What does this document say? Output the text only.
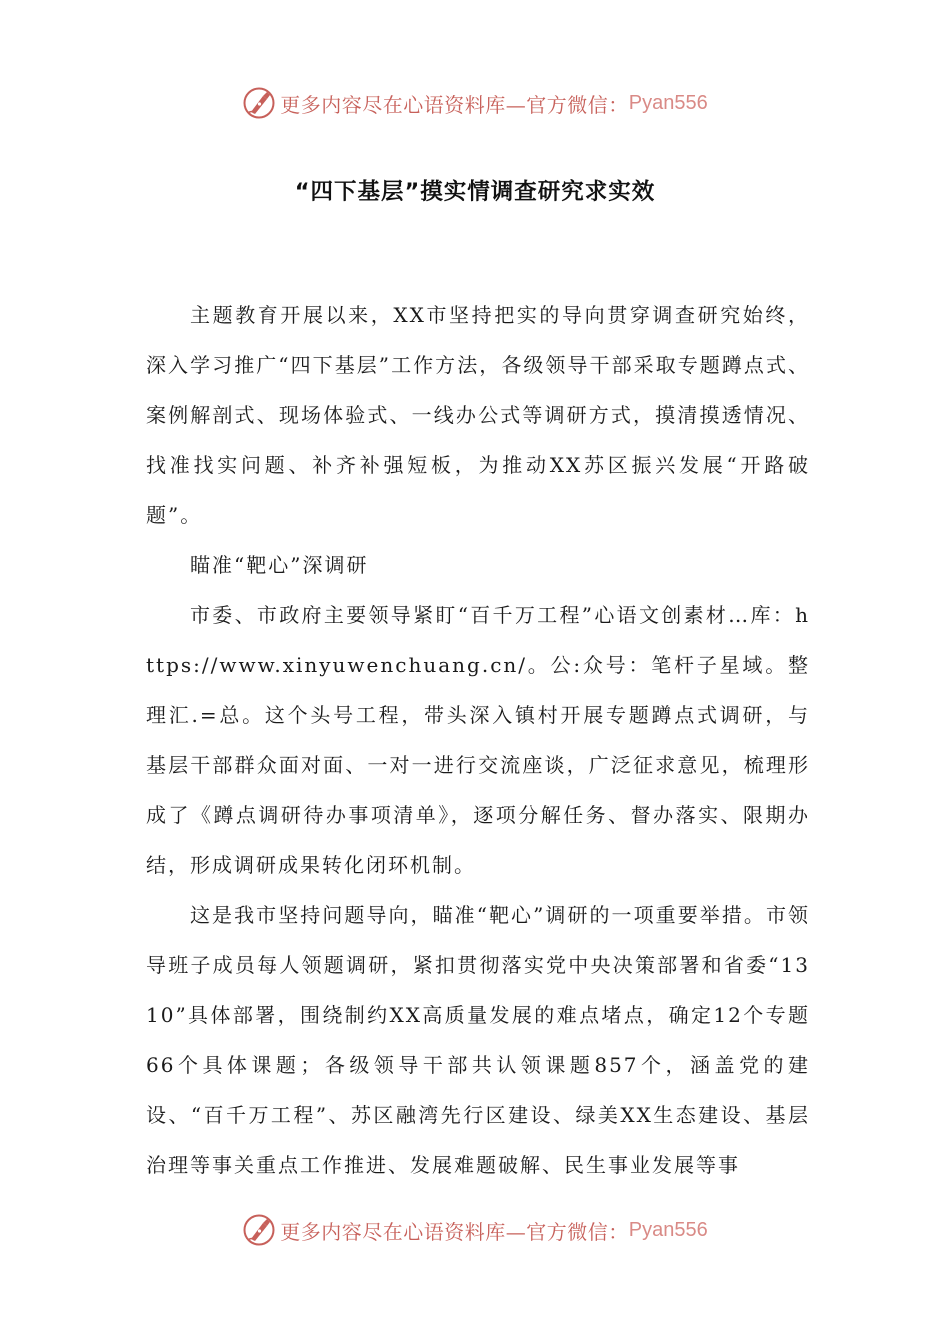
更多内容尽在心语资料库—官方微信： Pyan556
“四下基层”摸实情调查研究求实效

主题教育开展以来，XX市坚持把实的导向贯穿调查研究始终，深入学习推广“四下基层”工作方法，各级领导干部采取专题蹲点式、案例解剖式、现场体验式、一线办公式等调研方式，摸清摸透情况、找准找实问题、补齐补强短板，为推动XX苏区振兴发展“开路破题”。

瞄准“靶心”深调研

市委、市政府主要领导紧盯“百千万工程”心语文创素材…库：https://www.xinyuwenchuang.cn/。公:众号：笔杆子星域。整理汇.=总。这个头号工程，带头深入镇村开展专题蹲点式调研，与基层干部群众面对面、一对一进行交流座谈，广泛征求意见，梳理形成了《蹲点调研待办事项清单》，逐项分解任务、督办落实、限期办结，形成调研成果转化闭环机制。

这是我市坚持问题导向，瞄准“靶心”调研的一项重要举措。市领导班子成员每人领题调研，紧扣贯彻落实党中央决策部署和省委“1310”具体部署，围绕制约XX高质量发展的难点堵点，确定12个专题66个具体课题；各级领导干部共认领课题857个，涵盖党的建设、“百千万工程”、苏区融湾先行区建设、绿美XX生态建设、基层治理等事关重点工作推进、发展难题破解、民生事业发展等事

更多内容尽在心语资料库—官方微信： Pyan556
